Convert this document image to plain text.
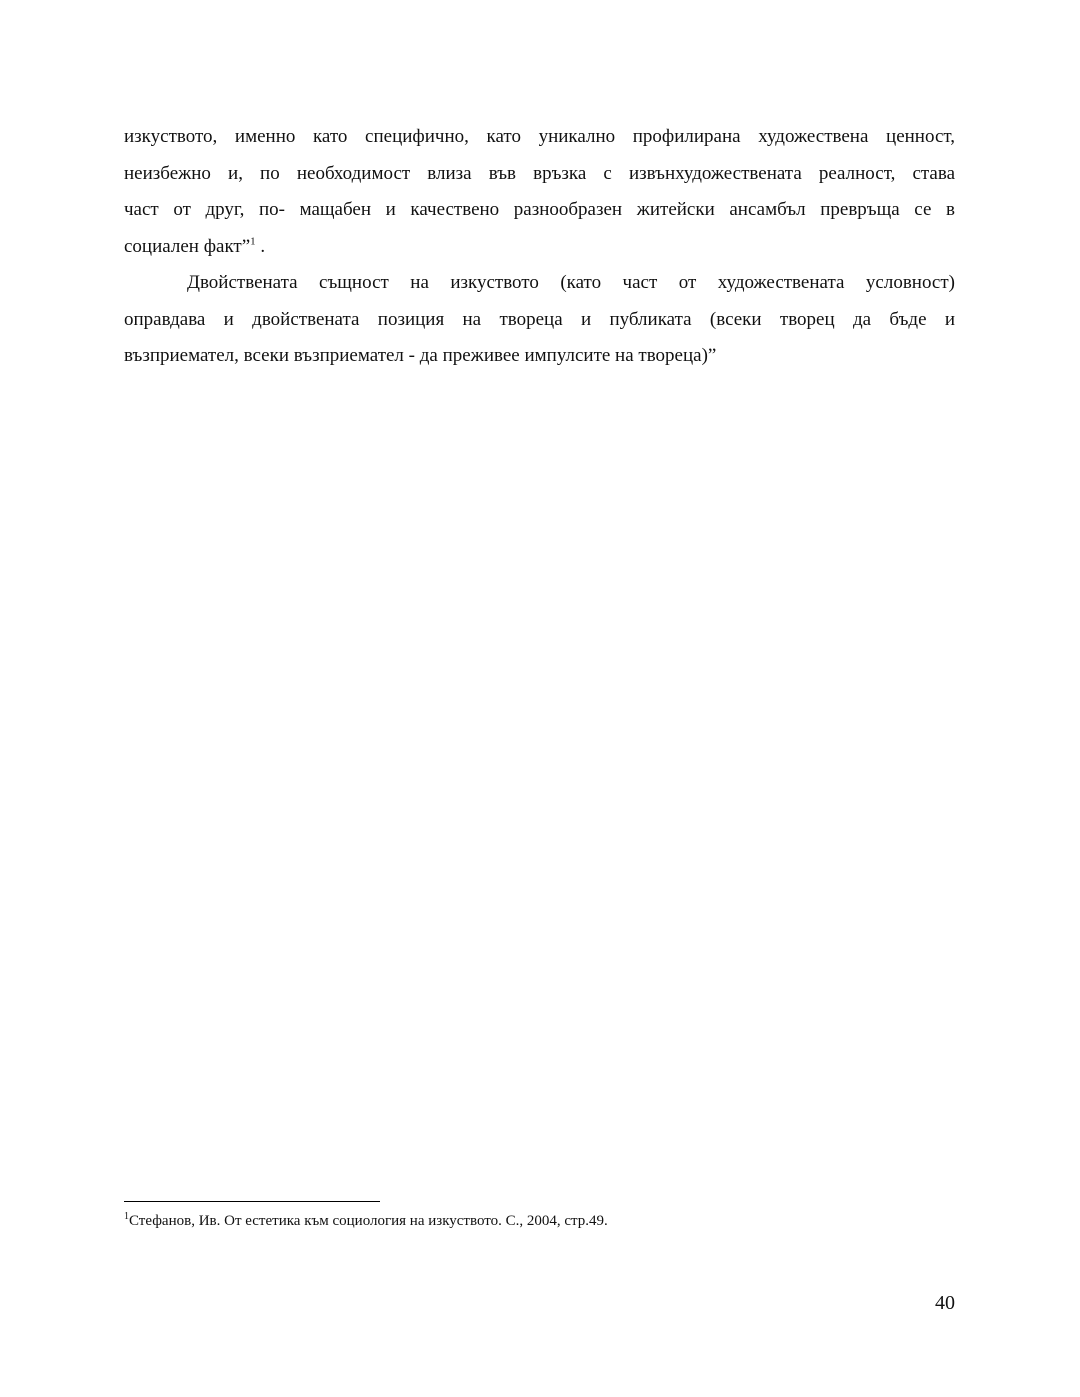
изкуството, именно като специфично, като уникално профилирана художествена ценност,
неизбежно и, по необходимост влиза във връзка с извънхудожествената реалност, става
част от друг, по- мащабен и качествено разнообразен житейски ансамбъл превръща се в
социален факт”$^1$ .
Двойствената същност на изкуството (като част от художествената условност)
оправдава и двойствената позиция на твореца и публиката (всеки творец да бъде и
възприемател, всеки възприемател - да преживее импулсите на твореца)”
$^1$Стефанов, Ив. От естетика към социология на изкуството. С., 2004, стр.49.
40
